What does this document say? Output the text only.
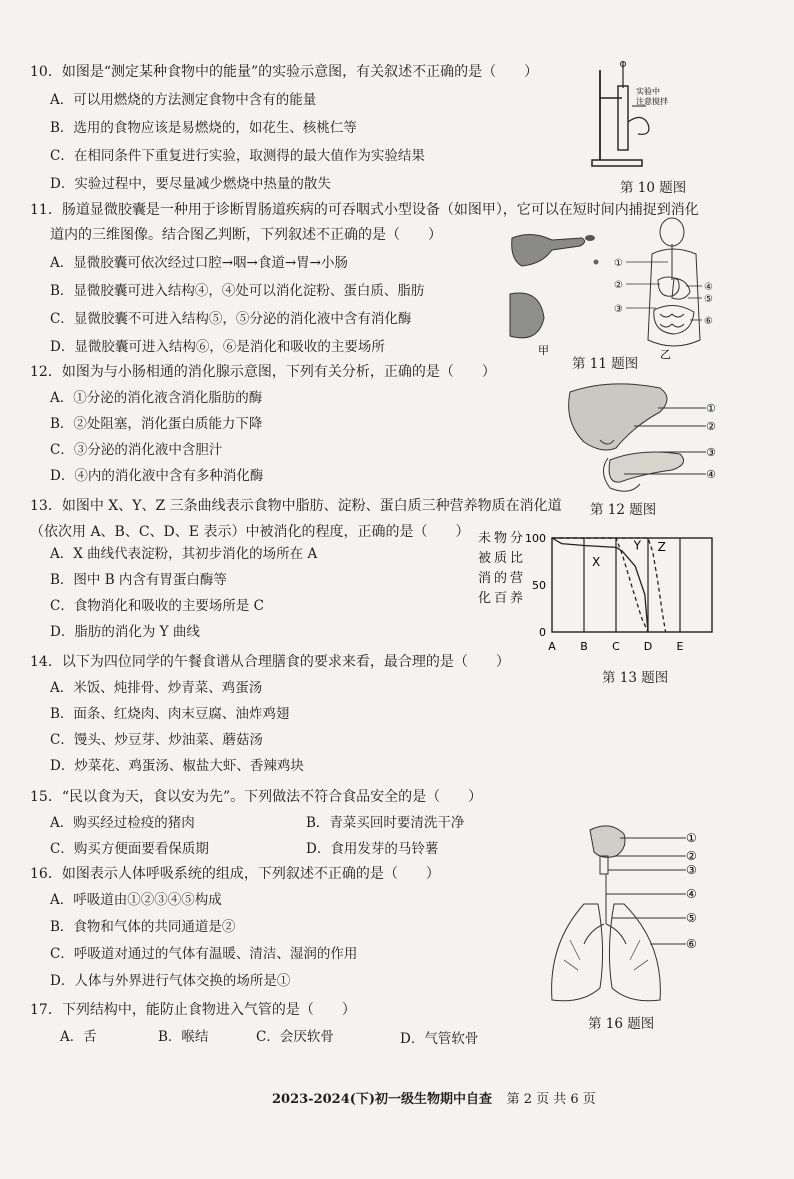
10．如图是“测定某种食物中的能量”的实验示意图，有关叙述不正确的是（　　）
A．可以用燃烧的方法测定食物中含有的能量
B．选用的食物应该是易燃烧的，如花生、核桃仁等
C．在相同条件下重复进行实验，取测得的最大值作为实验结果
D．实验过程中，要尽量减少燃烧中热量的散失
实验中
注意搅拌
第 10 题图
11．肠道显微胶囊是一种用于诊断胃肠道疾病的可吞咽式小型设备（如图甲），它可以在短时间内捕捉到消化
道内的三维图像。结合图乙判断，下列叙述不正确的是（　　）
A．显微胶囊可依次经过口腔→咽→食道→胃→小肠
B．显微胶囊可进入结构④，④处可以消化淀粉、蛋白质、脂肪
C．显微胶囊不可进入结构⑤，⑤分泌的消化液中含有消化酶
D．显微胶囊可进入结构⑥，⑥是消化和吸收的主要场所	甲
①
②
③
④
⑤
⑥
乙
第 11 题图
12．如图为与小肠相通的消化腺示意图，下列有关分析，正确的是（　　）
A．①分泌的消化液含消化脂肪的酶
B．②处阻塞，消化蛋白质能力下降
C．③分泌的消化液中含胆汁
D．④内的消化液中含有多种消化酶
①
②
③
④
第 12 题图
13．如图中 X、Y、Z 三条曲线表示食物中脂肪、淀粉、蛋白质三种营养物质在消化道
（依次用 A、B、C、D、E 表示）中被消化的程度，正确的是（　　）
A．X 曲线代表淀粉，其初步消化的场所在 A
B．图中 B 内含有胃蛋白酶等
C．食物消化和吸收的主要场所是 C
D．脂肪的消化为 Y 曲线
未
被
消
化
物
质
的
百
分
比
营
养
0
50
100
A B C D E
X
Y Z
第 13 题图
14．以下为四位同学的午餐食谱从合理膳食的要求来看，最合理的是（　　）
A．米饭、炖排骨、炒青菜、鸡蛋汤
B．面条、红烧肉、肉末豆腐、油炸鸡翅
C．馒头、炒豆芽、炒油菜、蘑菇汤
D．炒菜花、鸡蛋汤、椒盐大虾、香辣鸡块
15．“民以食为天，食以安为先”。下列做法不符合食品安全的是（　　）
A．购买经过检疫的猪肉	B．青菜买回时要清洗干净
C．购买方便面要看保质期	D．食用发芽的马铃薯
16．如图表示人体呼吸系统的组成，下列叙述不正确的是（　　）
A．呼吸道由①②③④⑤构成
B．食物和气体的共同通道是②
C．呼吸道对通过的气体有温暖、清洁、湿润的作用
D．人体与外界进行气体交换的场所是①
①
②
③
④
⑤
⑥
第 16 题图
17．下列结构中，能防止食物进入气管的是（　　）
A．舌	B．喉结	C．会厌软骨	D．气管软骨
2023-2024(下)初一级生物期中自查 第 2 页 共 6 页
